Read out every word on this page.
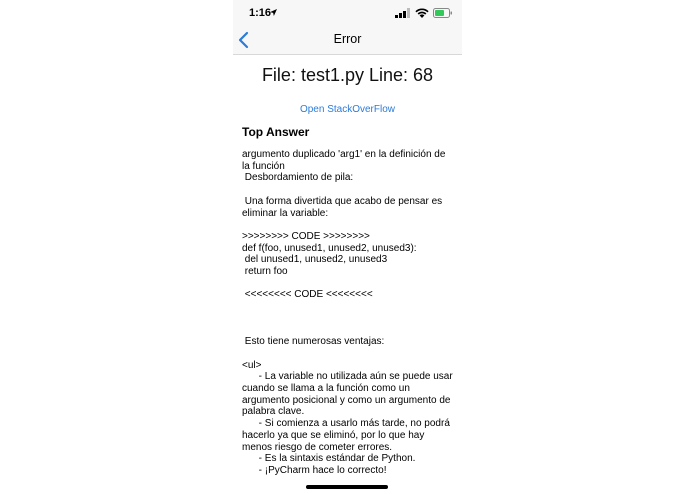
1:16
Error
File: test1.py Line: 68
Open StackOverFlow
Top Answer
argumento duplicado 'arg1' en la definición de
la función
Desbordamiento de pila:

Una forma divertida que acabo de pensar es
eliminar la variable:

>>>>>>>> CODE >>>>>>>>
def f(foo, unused1, unused2, unused3):
del unused1, unused2, unused3
return foo

<<<<<<<< CODE <<<<<<<<

Esto tiene numerosas ventajas:

<ul>
- La variable no utilizada aún se puede usar
cuando se llama a la función como un
argumento posicional y como un argumento de
palabra clave.
- Si comienza a usarlo más tarde, no podrá
hacerlo ya que se eliminó, por lo que hay
menos riesgo de cometer errores.
- Es la sintaxis estándar de Python.
- ¡PyCharm hace lo correcto!
